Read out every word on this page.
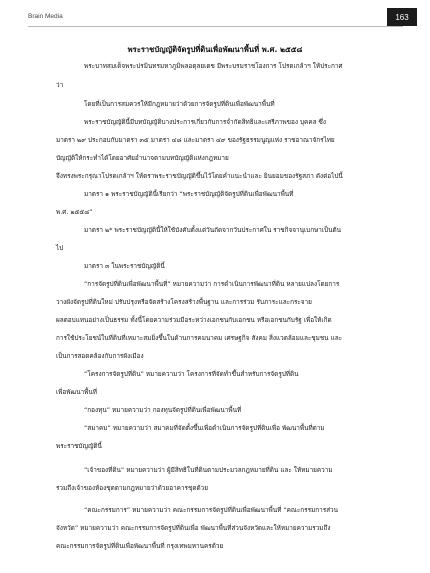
Brain Media	163
พระราชบัญญัติจัดรูปที่ดินเพื่อพัฒนาพื้นที่ พ.ศ. ๒๕๕๘
พระบาทสมเด็จพระปรมินทรมหาภูมิพลอดุลยเดช มีพระบรมราชโองการ โปรดเกล้าฯ ให้ประกาศ
ว่า
โดยที่เป็นการสมควรให้มีกฎหมายว่าด้วยการจัดรูปที่ดินเพื่อพัฒนาพื้นที่
พระราชบัญญัตินี้มีบทบัญญัติบางประการเกี่ยวกับการจำกัดสิทธิและเสรีภาพของ บุคคล ซึ่ง
มาตรา ๒๙ ประกอบกับมาตรา ๓๕ มาตรา ๔๘ และมาตรา ๔๙ ของรัฐธรรมนูญแห่ง ราชอาณาจักรไทย
บัญญัติให้กระทำได้โดยอาศัยอำนาจตามบทบัญญัติแห่งกฎหมาย
จึงทรงพระกรุณาโปรดเกล้าฯ ให้ตราพระราชบัญญัติขึ้นไว้โดยคำแนะนำและ ยินยอมของรัฐสภา ดังต่อไปนี้
มาตรา ๑ พระราชบัญญัตินี้เรียกว่า “พระราชบัญญัติจัดรูปที่ดินเพื่อพัฒนาพื้นที่
พ.ศ. ๒๕๕๘”
มาตรา ๒* พระราชบัญญัตินี้ให้ใช้บังคับตั้งแต่วันถัดจากวันประกาศใน ราชกิจจานุเบกษาเป็นต้น
ไป
มาตรา ๓ ในพระราชบัญญัตินี้
“การจัดรูปที่ดินเพื่อพัฒนาพื้นที่” หมายความว่า การดำเนินการพัฒนาที่ดิน หลายแปลงโดยการ
วางผังจัดรูปที่ดินใหม่ ปรับปรุงหรือจัดสร้างโครงสร้างพื้นฐาน และการร่วม รับภาระและกระจาย
ผลตอบแทนอย่างเป็นธรรม ทั้งนี้โดยความร่วมมือระหว่างเอกชนกับเอกชน หรือเอกชนกับรัฐ เพื่อให้เกิด
การใช้ประโยชน์ในที่ดินที่เหมาะสมยิ่งขึ้นในด้านการคมนาคม เศรษฐกิจ สังคม สิ่งแวดล้อมและชุมชน และ
เป็นการสอดคล้องกับการผังเมือง
“โครงการจัดรูปที่ดิน” หมายความว่า โครงการที่จัดทำขึ้นสำหรับการจัดรูปที่ดิน
เพื่อพัฒนาพื้นที่
“กองทุน” หมายความว่า กองทุนจัดรูปที่ดินเพื่อพัฒนาพื้นที่
“สมาคม” หมายความว่า สมาคมที่จัดตั้งขึ้นเพื่อดำเนินการจัดรูปที่ดินเพื่อ พัฒนาพื้นที่ตาม
พระราชบัญญัตินี้
“เจ้าของที่ดิน” หมายความว่า ผู้มีสิทธิในที่ดินตามประมวลกฎหมายที่ดิน และ ให้หมายความ
รวมถึงเจ้าของห้องชุดตามกฎหมายว่าด้วยอาคารชุดด้วย
“คณะกรรมการ” หมายความว่า คณะกรรมการจัดรูปที่ดินเพื่อพัฒนาพื้นที่ “คณะกรรมการส่วน
จังหวัด” หมายความว่า คณะกรรมการจัดรูปที่ดินเพื่อ พัฒนาพื้นที่ส่วนจังหวัดและให้หมายความรวมถึง
คณะกรรมการจัดรูปที่ดินเพื่อพัฒนาพื้นที่ กรุงเทพมหานครด้วย
